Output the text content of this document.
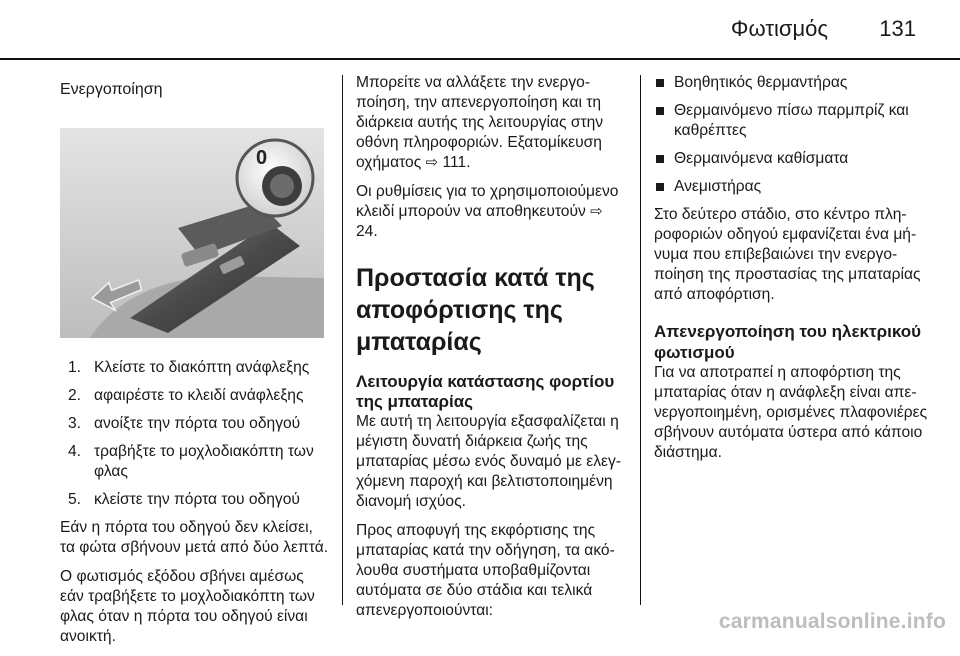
Φωτισμός 131
Ενεργοποίηση
0
1. Κλείστε το διακόπτη ανάφλεξης
2. αφαιρέστε το κλειδί ανάφλεξης
3. ανοίξτε την πόρτα του οδηγού
4. τραβήξτε το μοχλοδιακόπτη των φλας
5. κλείστε την πόρτα του οδηγού

Εάν η πόρτα του οδηγού δεν κλείσει, τα φώτα σβήνουν μετά από δύο λεπτά.

Ο φωτισμός εξόδου σβήνει αμέσως εάν τραβήξετε το μοχλοδιακόπτη των φλας όταν η πόρτα του οδηγού είναι ανοικτή.

Μπορείτε να αλλάξετε την ενεργοποίηση, την απενεργοποίηση και τη διάρκεια αυτής της λειτουργίας στην οθόνη πληροφοριών. Εξατομίκευση οχήματος ⇨ 111.

Οι ρυθμίσεις για το χρησιμοποιούμενο κλειδί μπορούν να αποθηκευτούν ⇨ 24.

Προστασία κατά της αποφόρτισης της μπαταρίας
Λειτουργία κατάστασης φορτίου της μπαταρίας

Με αυτή τη λειτουργία εξασφαλίζεται η μέγιστη δυνατή διάρκεια ζωής της μπαταρίας μέσω ενός δυναμό με ελεγχόμενη παροχή και βελτιστοποιημένη διανομή ισχύος.

Προς αποφυγή της εκφόρτισης της μπαταρίας κατά την οδήγηση, τα ακόλουθα συστήματα υποβαθμίζονται αυτόματα σε δύο στάδια και τελικά απενεργοποιούνται:

Βοηθητικός θερμαντήρας
Θερμαινόμενο πίσω παρμπρίζ και καθρέπτες
Θερμαινόμενα καθίσματα
Ανεμιστήρας

Στο δεύτερο στάδιο, στο κέντρο πληροφοριών οδηγού εμφανίζεται ένα μήνυμα που επιβεβαιώνει την ενεργοποίηση της προστασίας της μπαταρίας από αποφόρτιση.

Απενεργοποίηση του ηλεκτρικού φωτισμού

Για να αποτραπεί η αποφόρτιση της μπαταρίας όταν η ανάφλεξη είναι απενεργοποιημένη, ορισμένες πλαφονιέρες σβήνουν αυτόματα ύστερα από κάποιο διάστημα.

carmanualsonline.info
